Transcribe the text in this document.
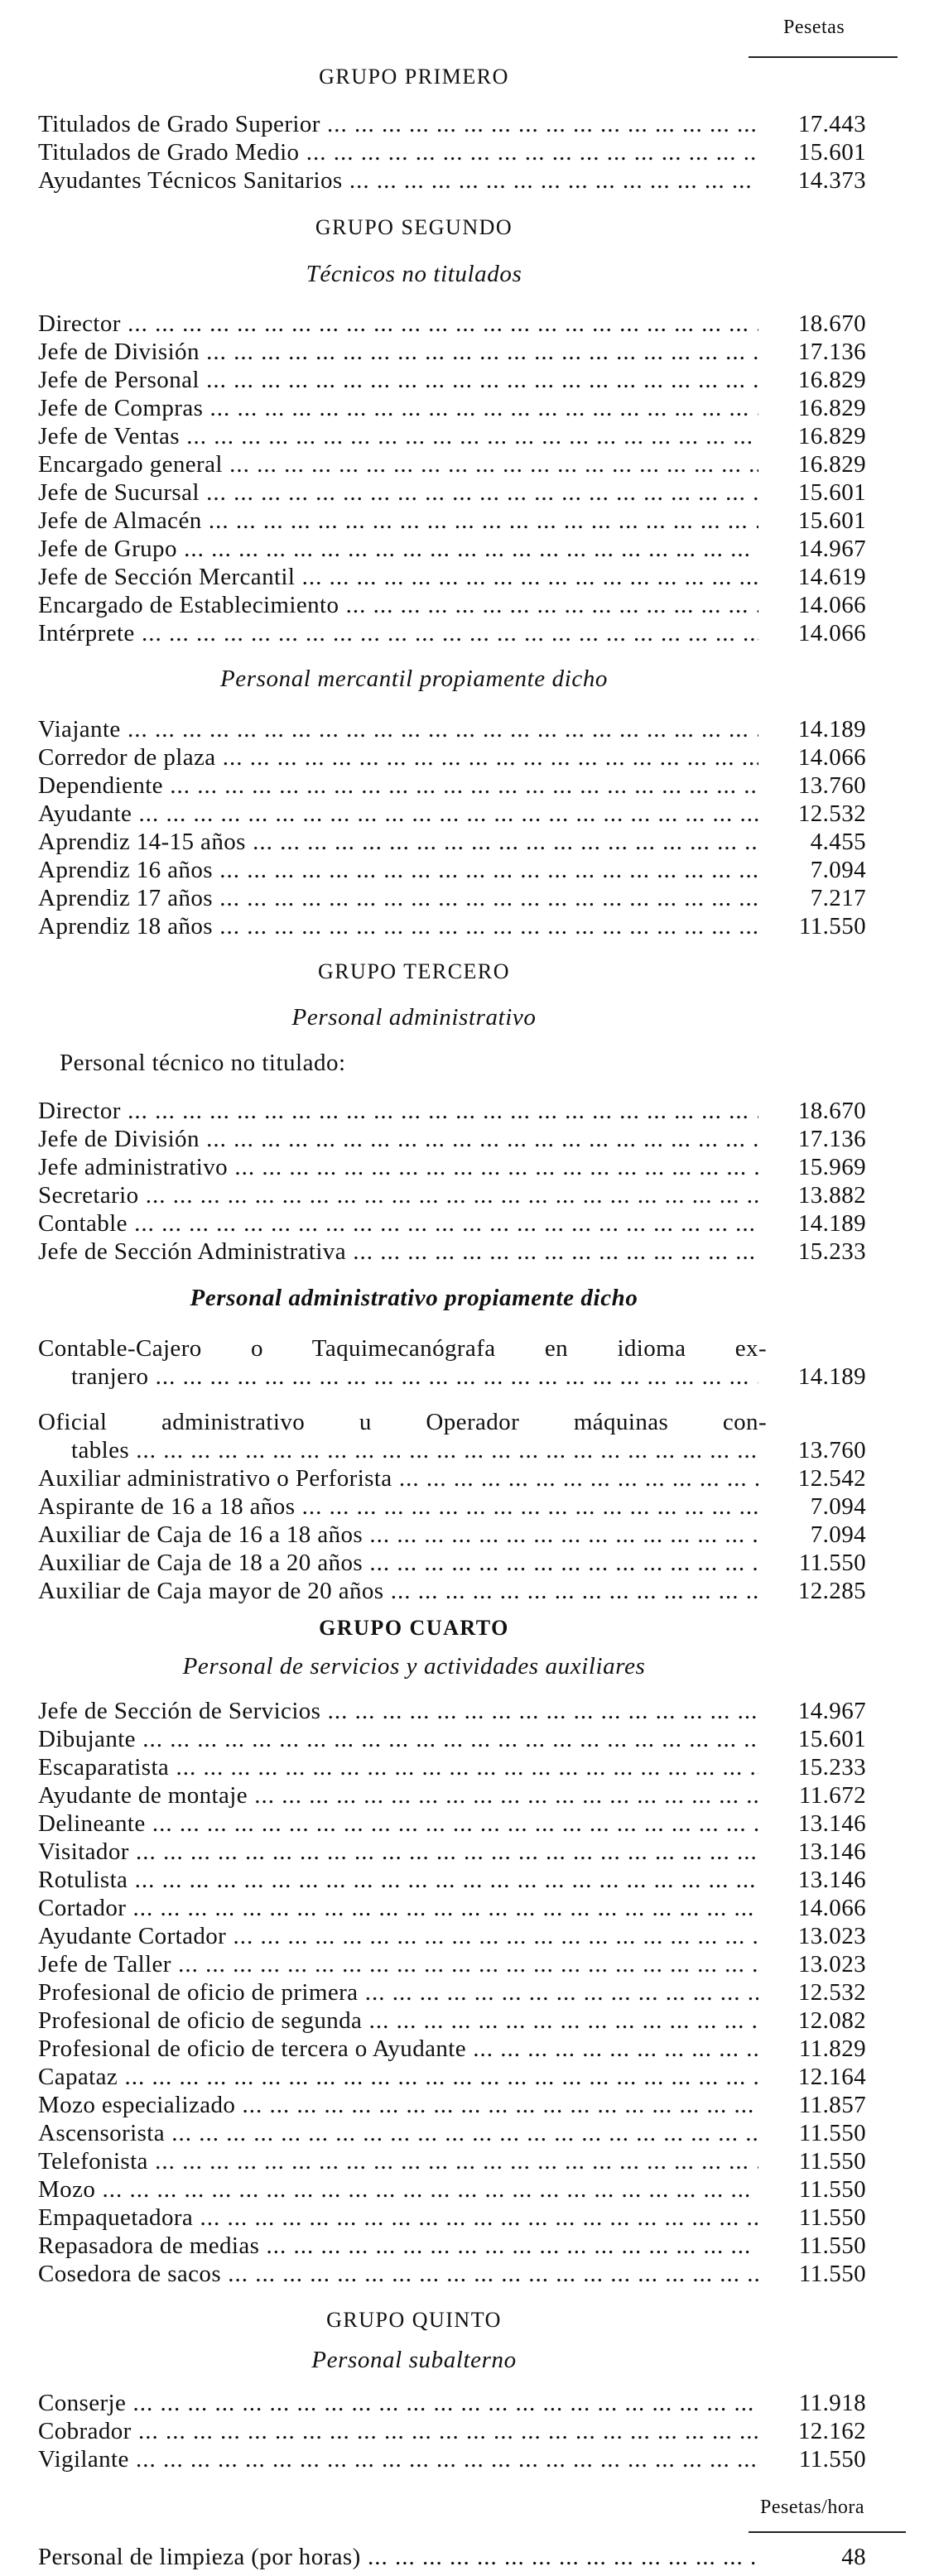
Pesetas
GRUPO PRIMERO
Titulados de Grado Superior ... .	17.443
Titulados de Grado Medio ... .	15.601
Ayudantes Técnicos Sanitarios ... .	14.373
GRUPO SEGUNDO
Técnicos no titulados
Director ... .	18.670
Jefe de División ... .	17.136
Jefe de Personal ... .	16.829
Jefe de Compras ... .	16.829
Jefe de Ventas ... .	16.829
Encargado general ... .	16.829
Jefe de Sucursal ... .	15.601
Jefe de Almacén ... .	15.601
Jefe de Grupo ... .	14.967
Jefe de Sección Mercantil ... .	14.619
Encargado de Establecimiento ... .	14.066
Intérprete ... .	14.066
Personal mercantil propiamente dicho
Viajante ... .	14.189
Corredor de plaza ... .	14.066
Dependiente ... .	13.760
Ayudante ... .	12.532
Aprendiz 14-15 años ... .	4.455
Aprendiz 16 años ... .	7.094
Aprendiz 17 años ... .	7.217
Aprendiz 18 años ... .	11.550
GRUPO TERCERO
Personal administrativo
Personal técnico no titulado:
Director ... .	18.670
Jefe de División ... .	17.136
Jefe administrativo ... .	15.969
Secretario ... .	13.882
Contable ... .	14.189
Jefe de Sección Administrativa ... .	15.233
Personal administrativo propiamente dicho
Contable-Cajero o Taquimecanógrafa en idioma ex-
tranjero ... .	14.189
Oficial administrativo u Operador máquinas con-
tables ... .	13.760
Auxiliar administrativo o Perforista ... .	12.542
Aspirante de 16 a 18 años ... .	7.094
Auxiliar de Caja de 16 a 18 años ... .	7.094
Auxiliar de Caja de 18 a 20 años ... .	11.550
Auxiliar de Caja mayor de 20 años ... .	12.285
GRUPO CUARTO
Personal de servicios y actividades auxiliares
Jefe de Sección de Servicios ... .	14.967
Dibujante ... .	15.601
Escaparatista ... .	15.233
Ayudante de montaje ... .	11.672
Delineante ... .	13.146
Visitador ... .	13.146
Rotulista ... .	13.146
Cortador ... .	14.066
Ayudante Cortador ... .	13.023
Jefe de Taller ... .	13.023
Profesional de oficio de primera ... .	12.532
Profesional de oficio de segunda ... .	12.082
Profesional de oficio de tercera o Ayudante ... .	11.829
Capataz ... .	12.164
Mozo especializado ... .	11.857
Ascensorista ... .	11.550
Telefonista ... .	11.550
Mozo ... .	11.550
Empaquetadora ... .	11.550
Repasadora de medias ... .	11.550
Cosedora de sacos ... .	11.550
GRUPO QUINTO
Personal subalterno
Conserje ... .	11.918
Cobrador ... .	12.162
Vigilante ... .	11.550
Pesetas/hora
Personal de limpieza (por horas) ... .	48
